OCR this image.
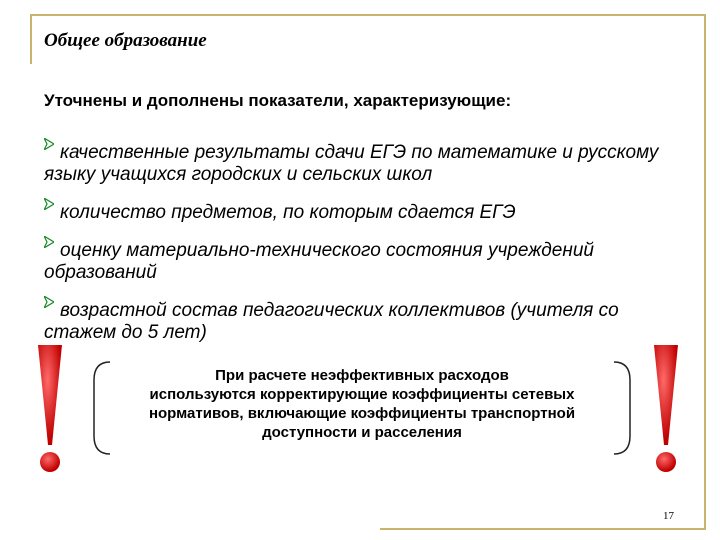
Общее образование
Уточнены и дополнены показатели, характеризующие:
качественные результаты сдачи ЕГЭ по математике и русскому языку учащихся городских и сельских школ
количество предметов, по которым сдается ЕГЭ
оценку материально-технического состояния учреждений образований
возрастной состав педагогических коллективов (учителя со стажем до 5 лет)
При расчете неэффективных расходов
используются корректирующие коэффициенты сетевых
нормативов, включающие коэффициенты транспортной
доступности и расселения
17
